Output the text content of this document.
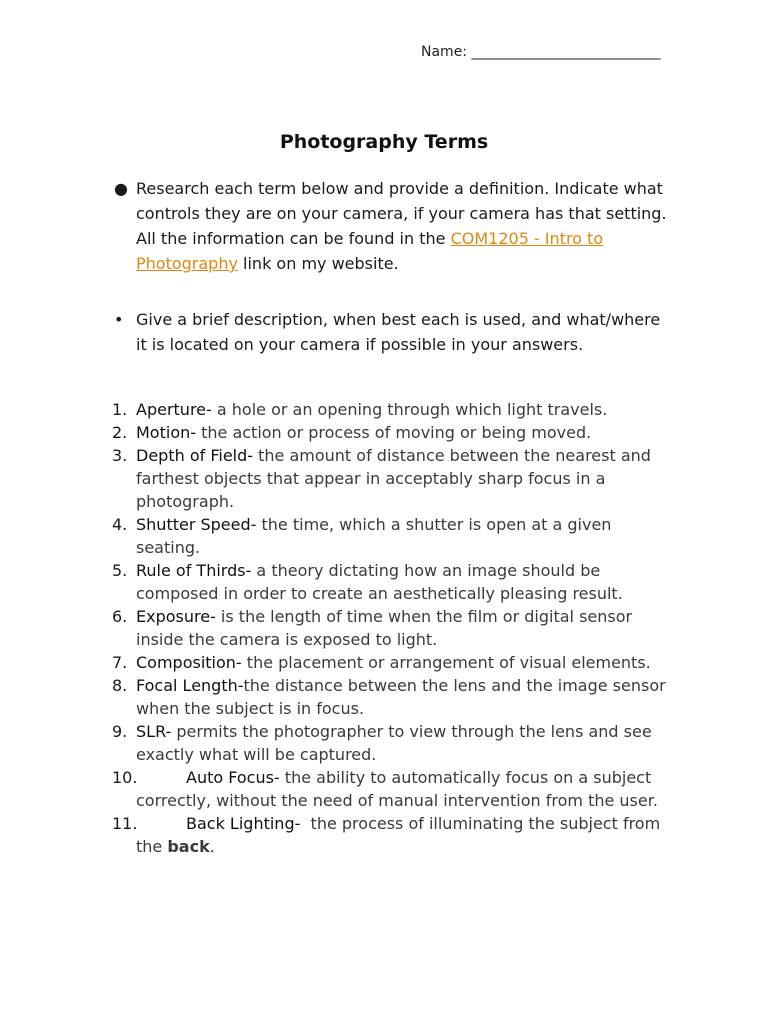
Name: ___________________________
Photography Terms
● Research each term below and provide a definition. Indicate what controls they are on your camera, if your camera has that setting. All the information can be found in the COM1205 - Intro to Photography link on my website.
• Give a brief description, when best each is used, and what/where it is located on your camera if possible in your answers.
1. Aperture- a hole or an opening through which light travels.
2. Motion- the action or process of moving or being moved.
3. Depth of Field- the amount of distance between the nearest and farthest objects that appear in acceptably sharp focus in a photograph.
4. Shutter Speed- the time, which a shutter is open at a given seating.
5. Rule of Thirds- a theory dictating how an image should be composed in order to create an aesthetically pleasing result.
6. Exposure- is the length of time when the film or digital sensor inside the camera is exposed to light.
7. Composition- the placement or arrangement of visual elements.
8. Focal Length-the distance between the lens and the image sensor when the subject is in focus.
9. SLR- permits the photographer to view through the lens and see exactly what will be captured.
10.	Auto Focus- the ability to automatically focus on a subject correctly, without the need of manual intervention from the user.
11.	Back Lighting-  the process of illuminating the subject from the back.
